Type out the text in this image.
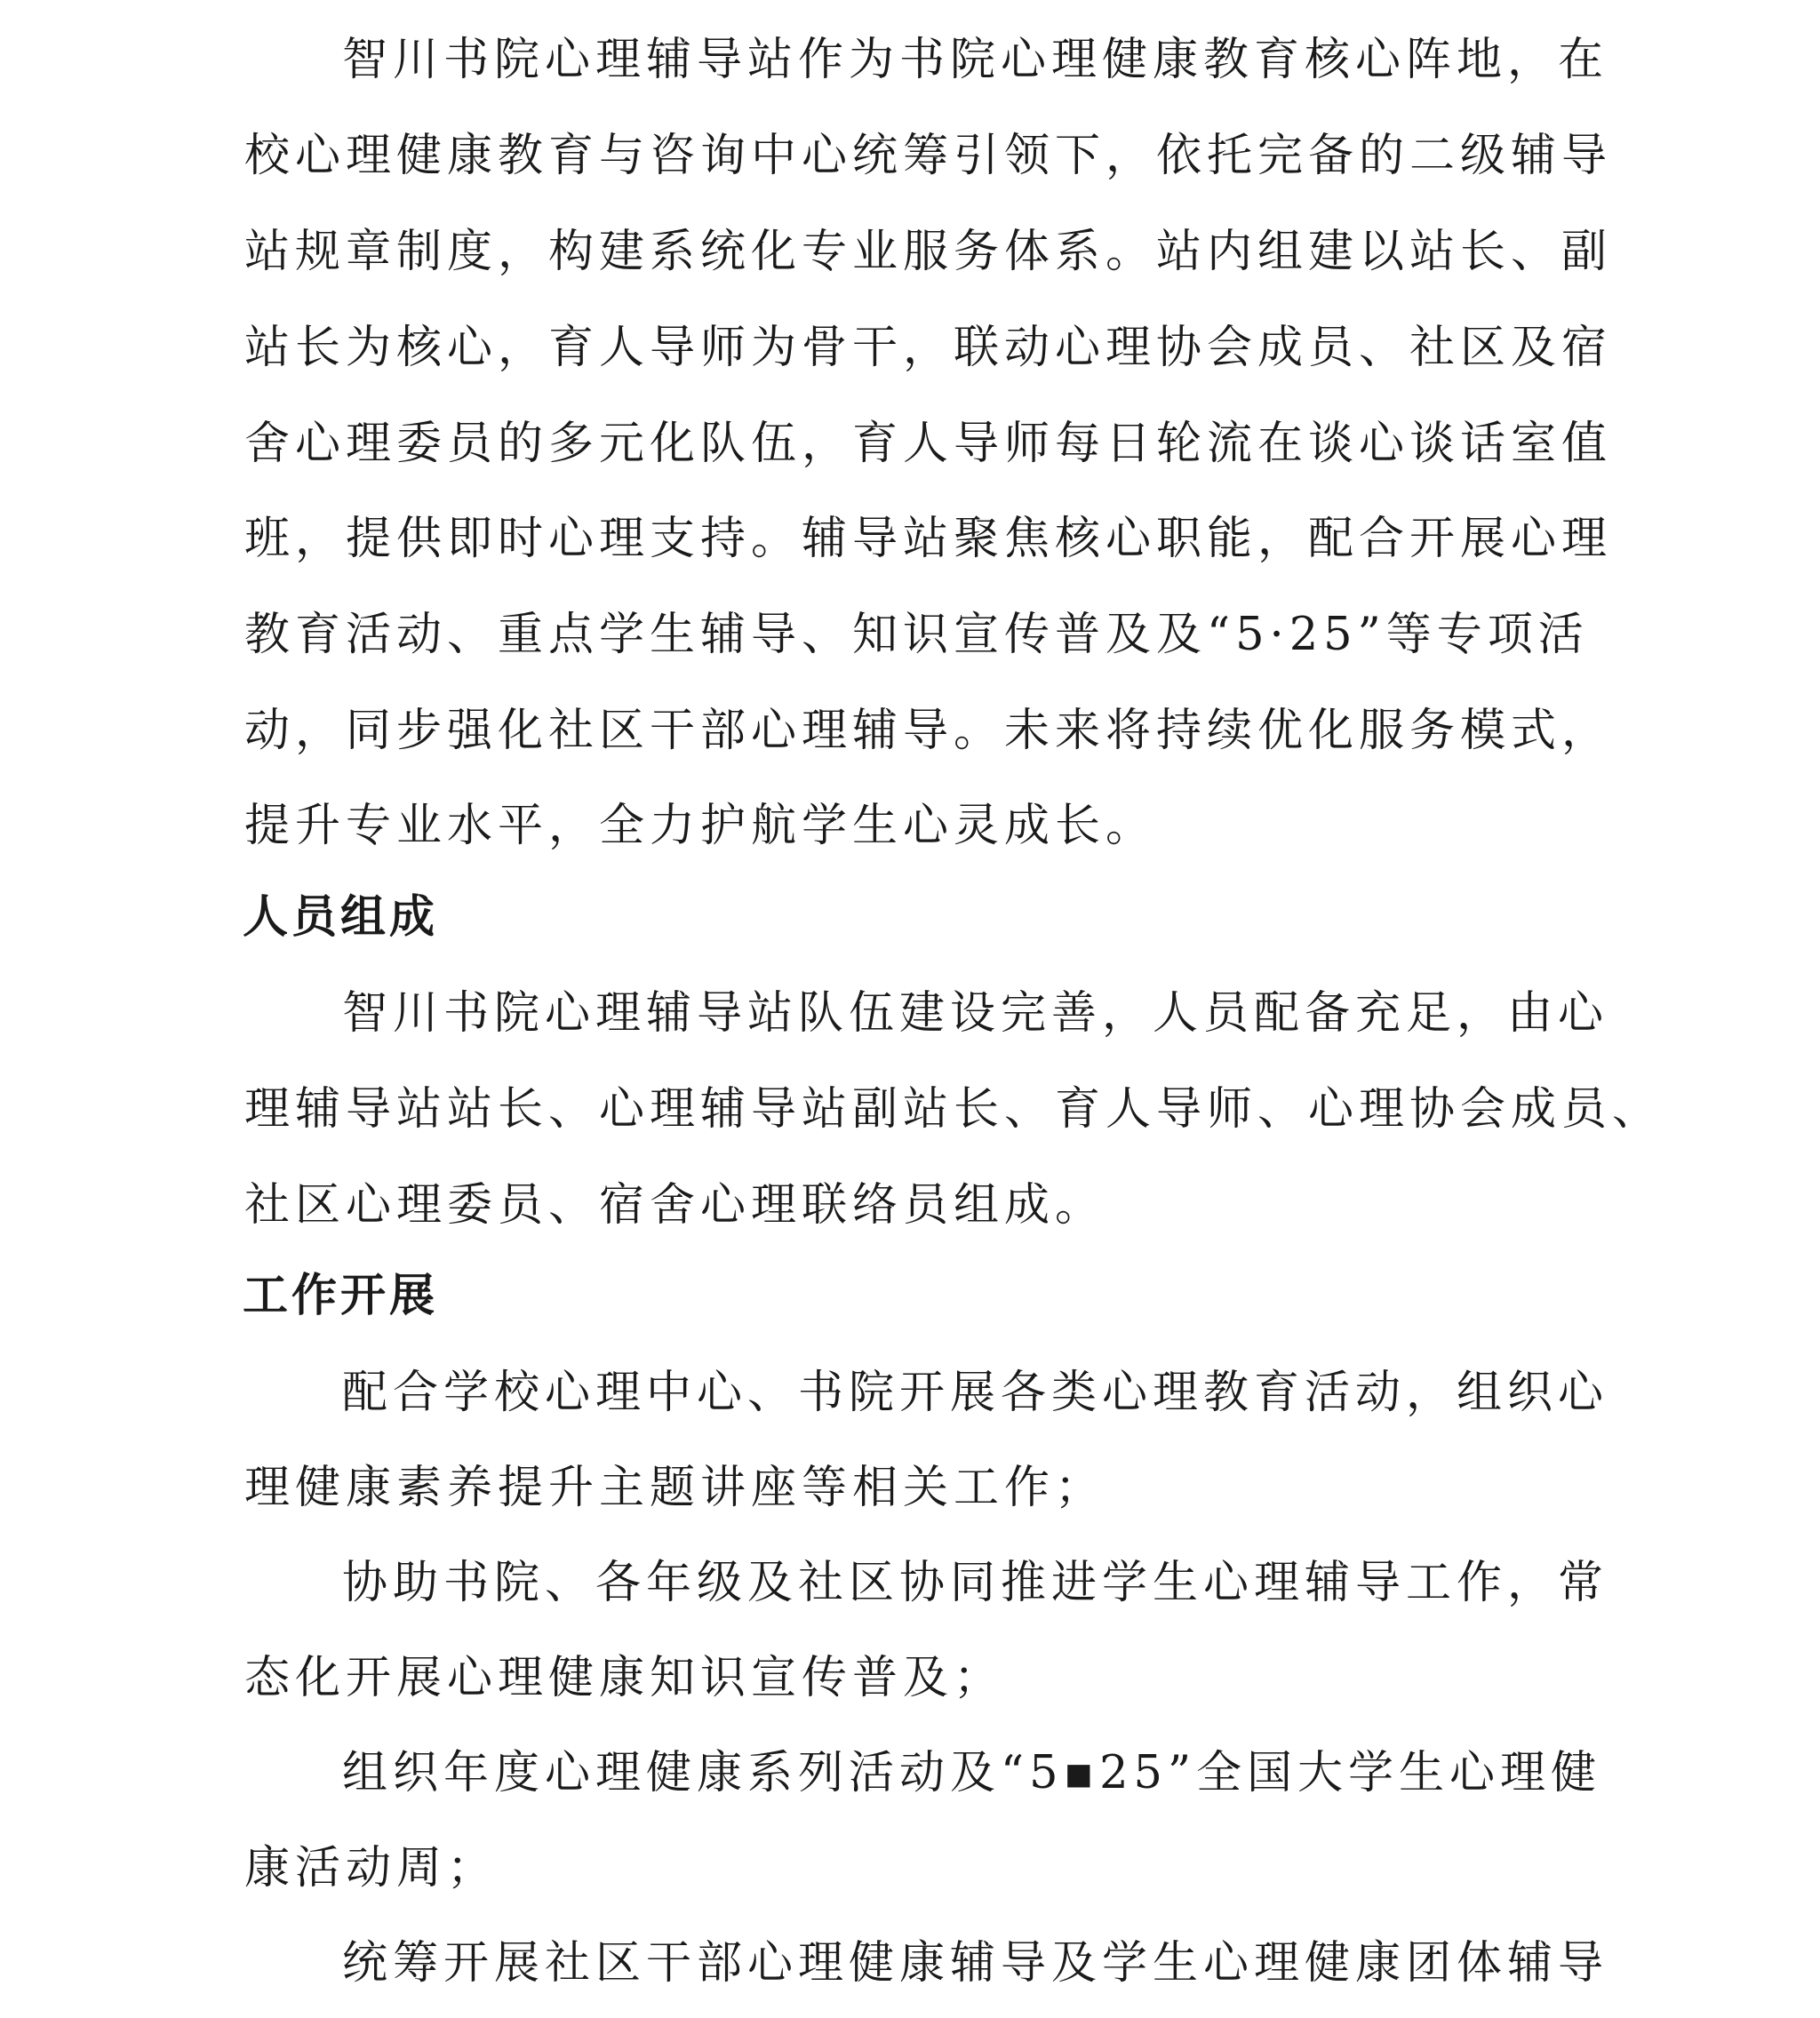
智川书院心理辅导站作为书院心理健康教育核心阵地，在
校心理健康教育与咨询中心统筹引领下，依托完备的二级辅导
站规章制度，构建系统化专业服务体系。站内组建以站长、副
站长为核心，育人导师为骨干，联动心理协会成员、社区及宿
舍心理委员的多元化队伍，育人导师每日轮流在谈心谈话室值
班，提供即时心理支持。辅导站聚焦核心职能，配合开展心理
教育活动、重点学生辅导、知识宣传普及及“5·25”等专项活
动，同步强化社区干部心理辅导。未来将持续优化服务模式，
提升专业水平，全力护航学生心灵成长。
人员组成
智川书院心理辅导站队伍建设完善，人员配备充足，由心
理辅导站站长、心理辅导站副站长、育人导师、心理协会成员、
社区心理委员、宿舍心理联络员组成。
工作开展
配合学校心理中心、书院开展各类心理教育活动，组织心
理健康素养提升主题讲座等相关工作；
协助书院、各年级及社区协同推进学生心理辅导工作，常
态化开展心理健康知识宣传普及；
组织年度心理健康系列活动及“5▪25”全国大学生心理健
康活动周；
统筹开展社区干部心理健康辅导及学生心理健康团体辅导
